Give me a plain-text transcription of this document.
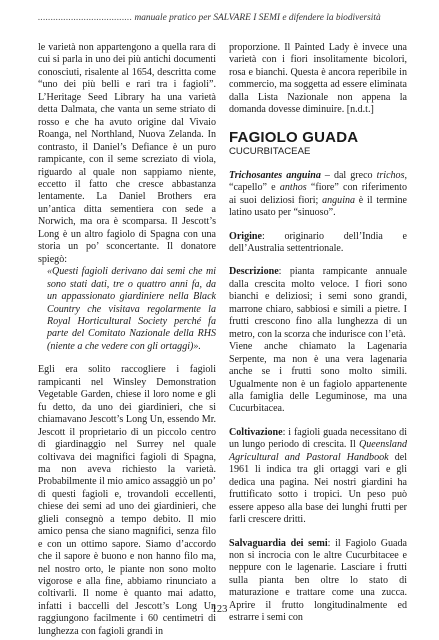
..................................... manuale pratico per SALVARE I SEMI e difendere la biodiversità

le varietà non appartengono a quella rara di cui si parla in uno dei più antichi documenti conosciuti, risalente al 1654, descritta come “uno dei più belli e rari tra i fagioli”. L’Heritage Seed Library ha una varietà detta Dalmata, che vanta un seme striato di rosso e che ha avuto origine dal Vivaio Roanga, nel Northland, Nuova Zelanda. In contrasto, il Daniel’s Defiance è un puro rampicante, con il seme screziato di viola, riguardo al quale non sappiamo niente, eccetto il fatto che cresce abbastanza lentamente. La Daniel Brothers era un’antica ditta sementiera con sede a Norwich, ma ora è scomparsa. Il Jescott’s Long è un altro fagiolo di Spagna con una storia un po’ sconcertante. Il donatore spiegò:

«Questi fagioli derivano dai semi che mi sono stati dati, tre o quattro anni fa, da un appassionato giardiniere nella Black Country che visitava regolarmente la Royal Horticultural Society perché fa parte del Comitato Nazionale della RHS (niente a che vedere con gli ortaggi)».

Egli era solito raccogliere i fagioli rampicanti nel Winsley Demonstration Vegetable Garden, chiese il loro nome e gli fu detto, da uno dei giardinieri, che si chiamavano Jescott’s Long Un, essendo Mr. Jescott il proprietario di un piccolo centro di giardinaggio nel Surrey nel quale coltivava dei magnifici fagioli di Spagna, ma non aveva richiesto la varietà. Probabilmente il mio amico assaggiò un po’ di questi fagioli e, trovandoli eccellenti, chiese dei semi ad uno dei giardinieri, che glieli consegnò a tempo debito. Il mio amico pensa che siano magnifici, senza filo e con un ottimo sapore. Siamo d’accordo che il sapore è buono e non hanno filo ma, nel nostro orto, le piante non sono molto vigorose e alla fine, abbiamo rinunciato a coltivarli. Il nome è quanto mai adatto, infatti i baccelli del Jescott’s Long Un raggiungono facilmente i 60 centimetri di lunghezza con fagioli grandi in

proporzione. Il Painted Lady è invece una varietà con i fiori insolitamente bicolori, rosa e bianchi. Questa è ancora reperibile in commercio, ma soggetta ad essere eliminata dalla Lista Nazionale non appena la domanda dovesse diminuire. [n.d.t.]

FAGIOLO GUADA

CUCURBITACEAE

Trichosantes anguina – dal greco trichos, “capello” e anthos “fiore” con riferimento ai suoi deliziosi fiori; anguina è il termine latino usato per “sinuoso”.

Origine: originario dell’India e dell’Australia settentrionale.

Descrizione: pianta rampicante annuale dalla crescita molto veloce. I fiori sono bianchi e deliziosi; i semi sono grandi, marrone chiaro, sabbiosi e simili a pietre. I frutti crescono fino alla lunghezza di un metro, con la scorza che indurisce con l’età.

Viene anche chiamato la Lagenaria Serpente, ma non è una vera lagenaria anche se i frutti sono molto simili. Ugualmente non è un fagiolo appartenente alla famiglia delle Leguminose, ma una Cucurbitacea.

Coltivazione: i fagioli guada necessitano di un lungo periodo di crescita. Il Queensland Agricultural and Pastoral Handbook del 1961 li indica tra gli ortaggi vari e gli dedica una pagina. Nei nostri giardini ha fruttificato sotto i tropici. Un peso può essere appeso alla base dei lunghi frutti per farli crescere dritti.

Salvaguardia dei semi: il Fagiolo Guada non si incrocia con le altre Cucurbitacee e neppure con le lagenarie. Lasciare i frutti sulla pianta ben oltre lo stato di maturazione e trattare come una zucca. Aprire il frutto longitudinalmente ed estrarre i semi con

123
